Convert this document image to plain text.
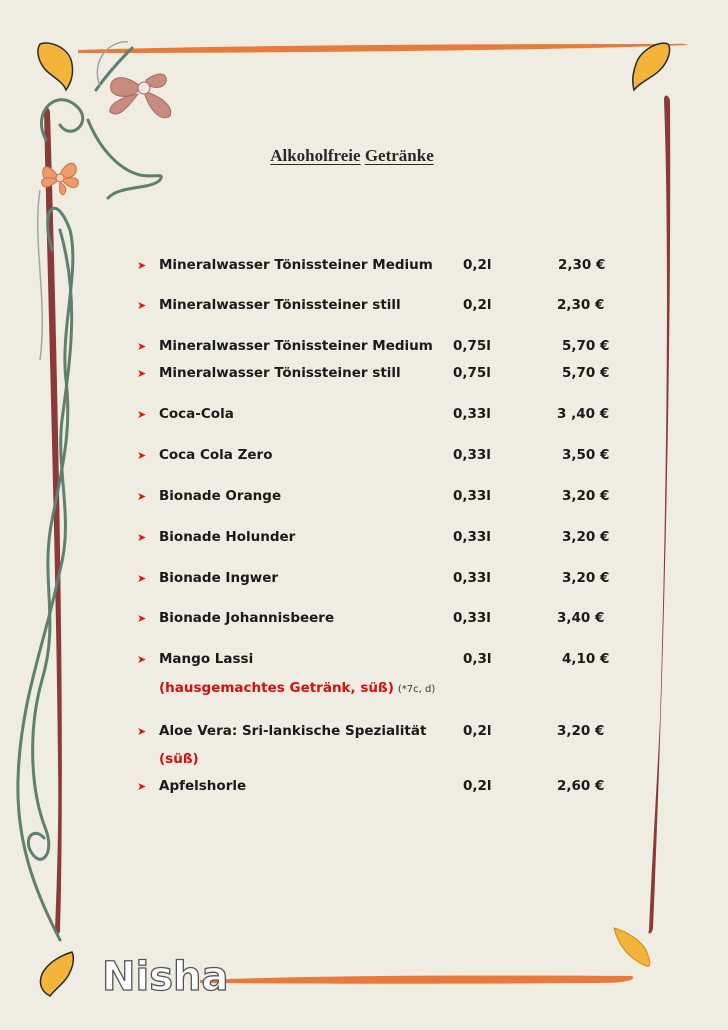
Alkoholfreie Getränke
➤ Mineralwasser Tönissteiner Medium 0,2l	2,30 €
➤ Mineralwasser Tönissteiner still	0,2l	2,30 €
➤ Mineralwasser Tönissteiner Medium 0,75l	5,70 €
➤ Mineralwasser Tönissteiner still	0,75l	5,70 €
➤ Coca-Cola	0,33l	3 ,40 €
➤ Coca Cola Zero	0,33l	3,50 €
➤ Bionade Orange	0,33l	3,20 €
➤ Bionade Holunder	0,33l	3,20 €
➤ Bionade Ingwer	0,33l	3,20 €
➤ Bionade Johannisbeere	0,33l	3,40 €
➤ Mango Lassi	0,3l	4,10 €
(hausgemachtes Getränk, süß) (*7c, d)
➤ Aloe Vera: Sri-lankische Spezialität	0,2l	3,20 €
(süß)
➤ Apfelshorle	0,2l	2,60 €
Nisha
